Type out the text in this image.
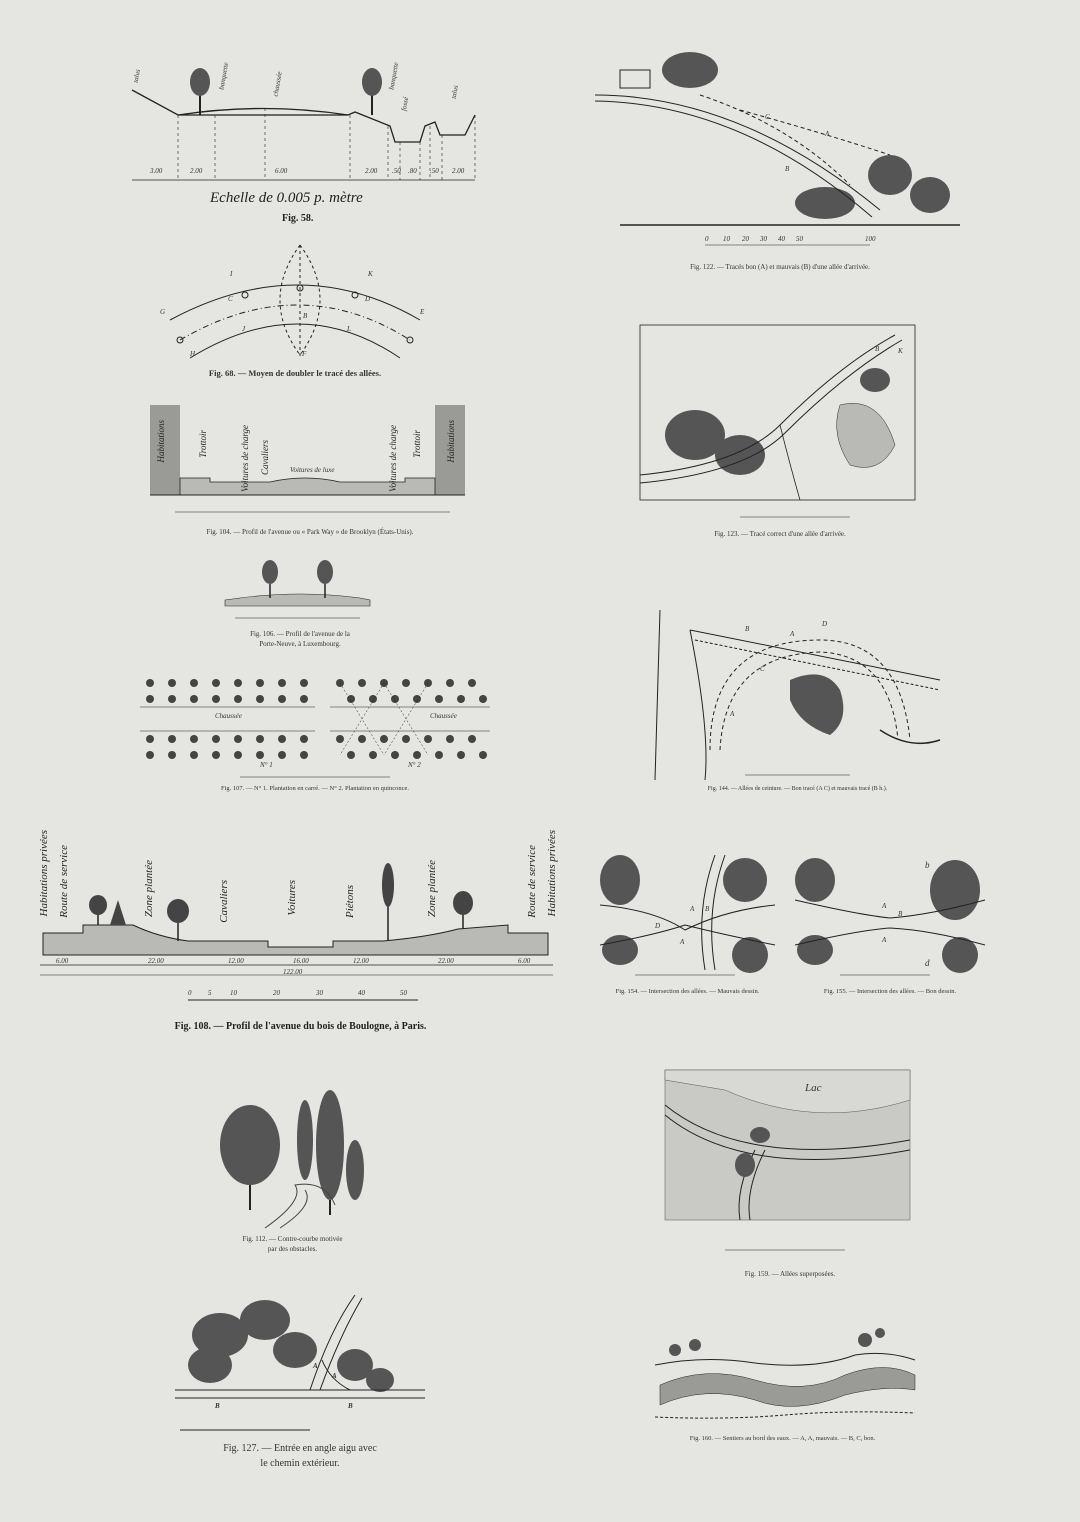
talus	banquette	chaussée	banquette
fossé
talus
3.00	2.00	6.00	2.00 .50 .80 .50 2.00
Echelle de 0.005 p. mètre
Fig. 58.
I	K
G
C	D
E
J	L
B
F
H
Fig. 68. — Moyen de doubler le tracé des allées.
Habitations	Trottoir	Voitures de charge Cavaliers	Voitures de luxe	Voitures de charge Trottoir	Habitations
Fig. 104. — Profil de l'avenue ou « Park Way » de Brooklyn (États-Unis).
Fig. 106. — Profil de l'avenue de la
Porte-Neuve, à Luxembourg.
Chaussée	Chaussée
N° 1	N° 2
Fig. 107. — N° 1. Plantation en carré. — N° 2. Plantation en quinconce.
Habitations privées Route de service	Zone plantée	Cavaliers	Voitures	Piétons	Zone plantée	Route de service Habitations privées
6.00	22.00	12.00	16.00	12.00	22.00	6.00
122.00
0 5	10	20	30	40	50
Fig. 108. — Profil de l'avenue du bois de Boulogne, à Paris.
Fig. 112. — Contre-courbe motivée
par des obstacles.
A
A
B	B
Fig. 127. — Entrée en angle aigu avec
le chemin extérieur.
A
B
C
0 10 20 30 40 50	100
Fig. 122. — Tracés bon (A) et mauvais (B) d'une allée d'arrivée.
K
B
Fig. 123. — Tracé correct d'une allée d'arrivée.
B
A
D
C
A
Fig. 144. — Allées de ceinture. — Bon tracé (A C) et mauvais tracé (B h.).
A B
D
A
Fig. 154. — Intersection des allées. — Mauvais dessin.
b
A
B
A
d
Fig. 155. — Intersection des allées. — Bon dessin.
Lac
Fig. 159. — Allées superposées.
Fig. 160. — Sentiers au bord des eaux. — A, A, mauvais. — B, C, bon.
